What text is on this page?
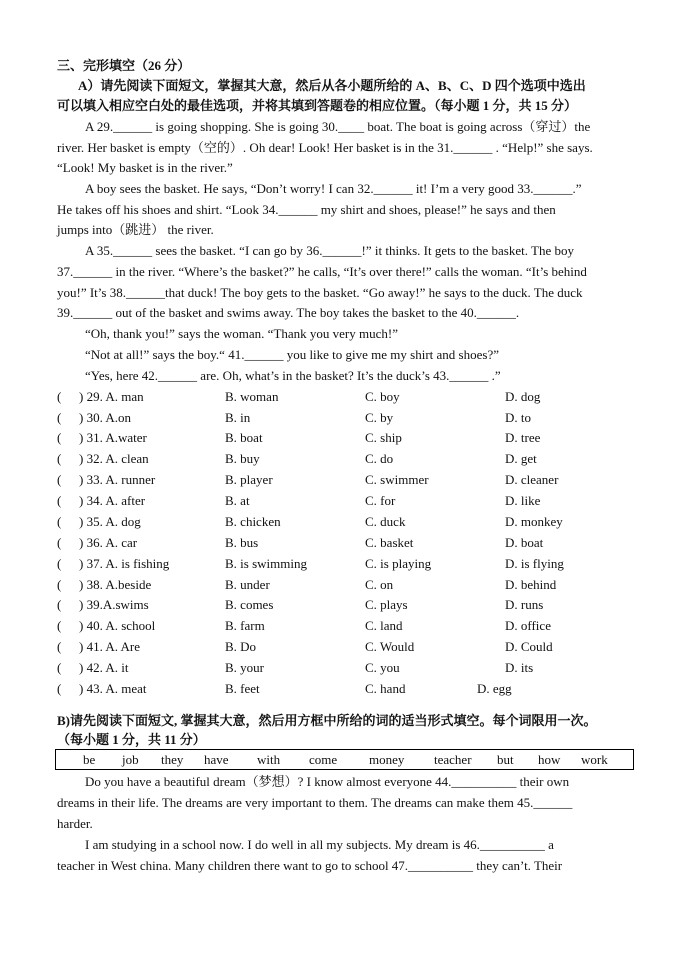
三、完形填空（26 分）
A）请先阅读下面短文，掌握其大意，然后从各小题所给的 A、B、C、D 四个选项中选出
可以填入相应空白处的最佳选项，并将其填到答题卷的相应位置。（每小题 1 分，共 15 分）
A 29.______ is going shopping. She is going 30.____ boat. The boat is going across（穿过）the
river. Her basket is empty（空的）. Oh dear! Look! Her basket is in the 31.______ . “Help!” she says.
“Look! My basket is in the river.”
A boy sees the basket. He says, “Don’t worry! I can 32.______ it! I’m a very good 33.______.”
He takes off his shoes and shirt. “Look 34.______ my shirt and shoes, please!” he says and then
jumps into（跳进） the river.
A 35.______ sees the basket. “I can go by 36.______!” it thinks. It gets to the basket. The boy
37.______ in the river. “Where’s the basket?” he calls, “It’s over there!” calls the woman. “It’s behind
you!” It’s 38.______that duck! The boy gets to the basket. “Go away!” he says to the duck. The duck
39.______ out of the basket and swims away. The boy takes the basket to the 40.______.
“Oh, thank you!” says the woman. “Thank you very much!”
“Not at all!” says the boy.“ 41.______ you like to give me my shirt and shoes?”
“Yes, here 42.______ are. Oh, what’s in the basket? It’s the duck’s 43.______ .”
( ) 29. A. man	B. woman	C. boy	D. dog
( ) 30. A.on	B. in	C. by	D. to
( ) 31. A.water	B. boat	C. ship	D. tree
( ) 32. A. clean	B. buy	C. do	D. get
( ) 33. A. runner	B. player	C. swimmer	D. cleaner
( ) 34. A. after	B. at	C. for	D. like
( ) 35. A. dog	B. chicken	C. duck	D. monkey
( ) 36. A. car	B. bus	C. basket	D. boat
( ) 37. A. is fishing	B. is swimming	C. is playing	D. is flying
( ) 38. A.beside	B. under	C. on	D. behind
( ) 39.A.swims	B. comes	C. plays	D. runs
( ) 40. A. school	B. farm	C. land	D. office
( ) 41. A. Are	B. Do	C. Would	D. Could
( ) 42. A. it	B. your	C. you	D. its
( ) 43. A. meat	B. feet	C. hand	D. egg
B)请先阅读下面短文, 掌握其大意，然后用方框中所给的词的适当形式填空。每个词限用一次。
（每小题 1 分，共 11 分）
be job they have with come money teacher but how work
Do you have a beautiful dream（梦想）? I know almost everyone 44.__________ their own
dreams in their life. The dreams are very important to them. The dreams can make them 45.______
harder.
I am studying in a school now. I do well in all my subjects. My dream is 46.__________ a
teacher in West china. Many children there want to go to school 47.__________ they can’t. Their
